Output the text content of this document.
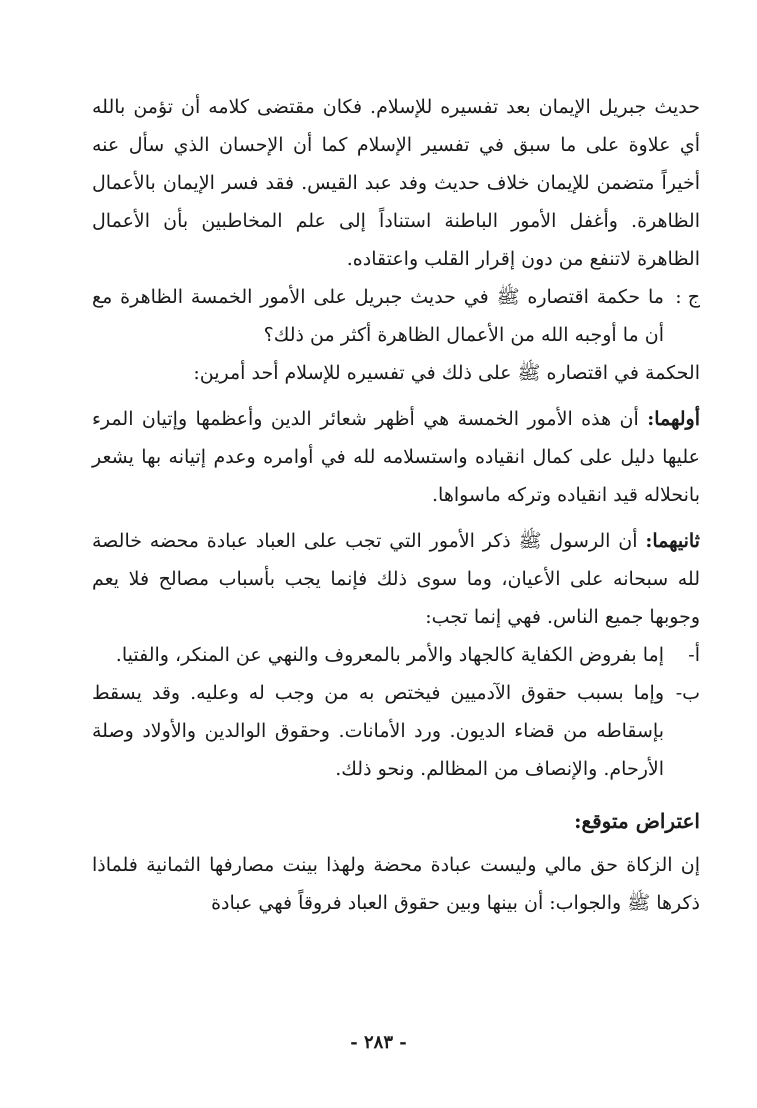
حديث جبريل الإيمان بعد تفسيره للإسلام. فكان مقتضى كلامه أن تؤمن بالله أي علاوة على ما سبق في تفسير الإسلام كما أن الإحسان الذي سأل عنه أخيراً متضمن للإيمان خلاف حديث وفد عبد القيس. فقد فسر الإيمان بالأعمال الظاهرة. وأغفل الأمور الباطنة استناداً إلى علم المخاطبين بأن الأعمال الظاهرة لاتنفع من دون إقرار القلب واعتقاده.

ج :
ما حكمة اقتصاره ﷺ في حديث جبريل على الأمور الخمسة الظاهرة مع أن ما أوجبه الله من الأعمال الظاهرة أكثر من ذلك؟

الحكمة في اقتصاره ﷺ على ذلك في تفسيره للإسلام أحد أمرين:

أولهما: أن هذه الأمور الخمسة هي أظهر شعائر الدين وأعظمها وإتيان المرء عليها دليل على كمال انقياده واستسلامه لله في أوامره وعدم إتيانه بها يشعر بانحلاله قيد انقياده وتركه ماسواها.

ثانيهما: أن الرسول ﷺ ذكر الأمور التي تجب على العباد عبادة محضه خالصة لله سبحانه على الأعيان، وما سوى ذلك فإنما يجب بأسباب مصالح فلا يعم وجوبها جميع الناس. فهي إنما تجب:

أ-
إما بفروض الكفاية كالجهاد والأمر بالمعروف والنهي عن المنكر، والفتيا.
ب-
وإما بسبب حقوق الآدميين فيختص به من وجب له وعليه. وقد يسقط بإسقاطه من قضاء الديون. ورد الأمانات. وحقوق الوالدين والأولاد وصلة الأرحام. والإنصاف من المظالم. ونحو ذلك.
اعتراض متوقع:

إن الزكاة حق مالي وليست عبادة محضة ولهذا بينت مصارفها الثمانية فلماذا ذكرها ﷺ والجواب: أن بينها وبين حقوق العباد فروقاً فهي عبادة

- ٢٨٣ -
